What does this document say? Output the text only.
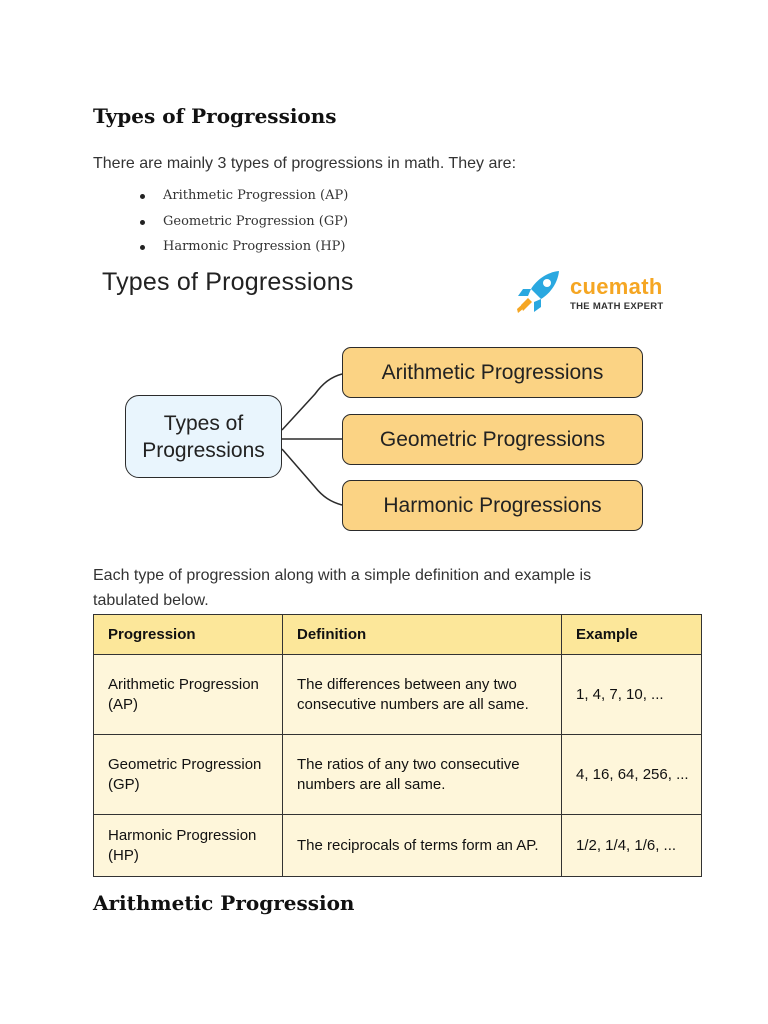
Types of Progressions

There are mainly 3 types of progressions in math. They are:

Arithmetic Progression (AP)
Geometric Progression (GP)
Harmonic Progression (HP)
Types of Progressions	cuemath
THE MATH EXPERT
Types of Progressions
Arithmetic Progressions
Geometric Progressions
Harmonic Progressions

Each type of progression along with a simple definition and example is tabulated below.

Progression	Definition	Example
Arithmetic Progression (AP)	The differences between any two consecutive numbers are all same.	1, 4, 7, 10, ...
Geometric Progression (GP)	The ratios of any two consecutive numbers are all same.	4, 16, 64, 256, ...
Harmonic Progression (HP)	The reciprocals of terms form an AP.	1/2, 1/4, 1/6, ...
Arithmetic Progression
